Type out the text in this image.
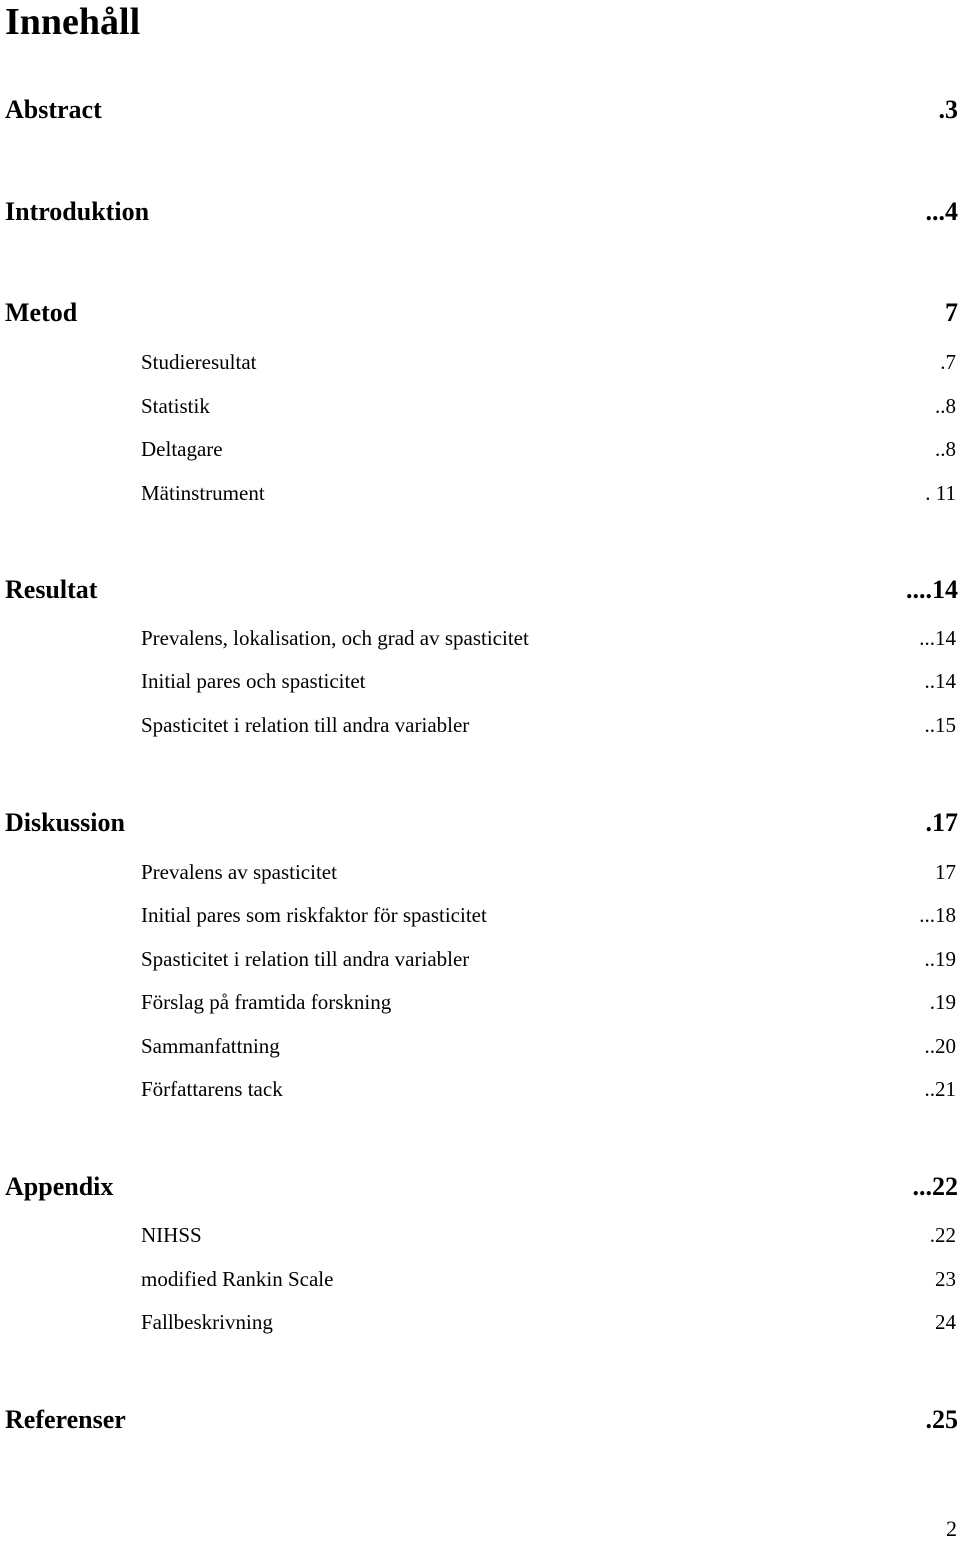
Innehåll
Abstract	.3
Introduktion	...4
Metod	7
Studieresultat	.7
Statistik	..8
Deltagare	..8
Mätinstrument	. 11
Resultat	....14
Prevalens, lokalisation, och grad av spasticitet	...14
Initial pares och spasticitet	..14
Spasticitet i relation till andra variabler	..15
Diskussion	.17
Prevalens av spasticitet	17
Initial pares som riskfaktor för spasticitet	...18
Spasticitet i relation till andra variabler	..19
Förslag på framtida forskning	.19
Sammanfattning	..20
Författarens tack	..21
Appendix	...22
NIHSS	.22
modified Rankin Scale	23
Fallbeskrivning	24
Referenser	.25
2
